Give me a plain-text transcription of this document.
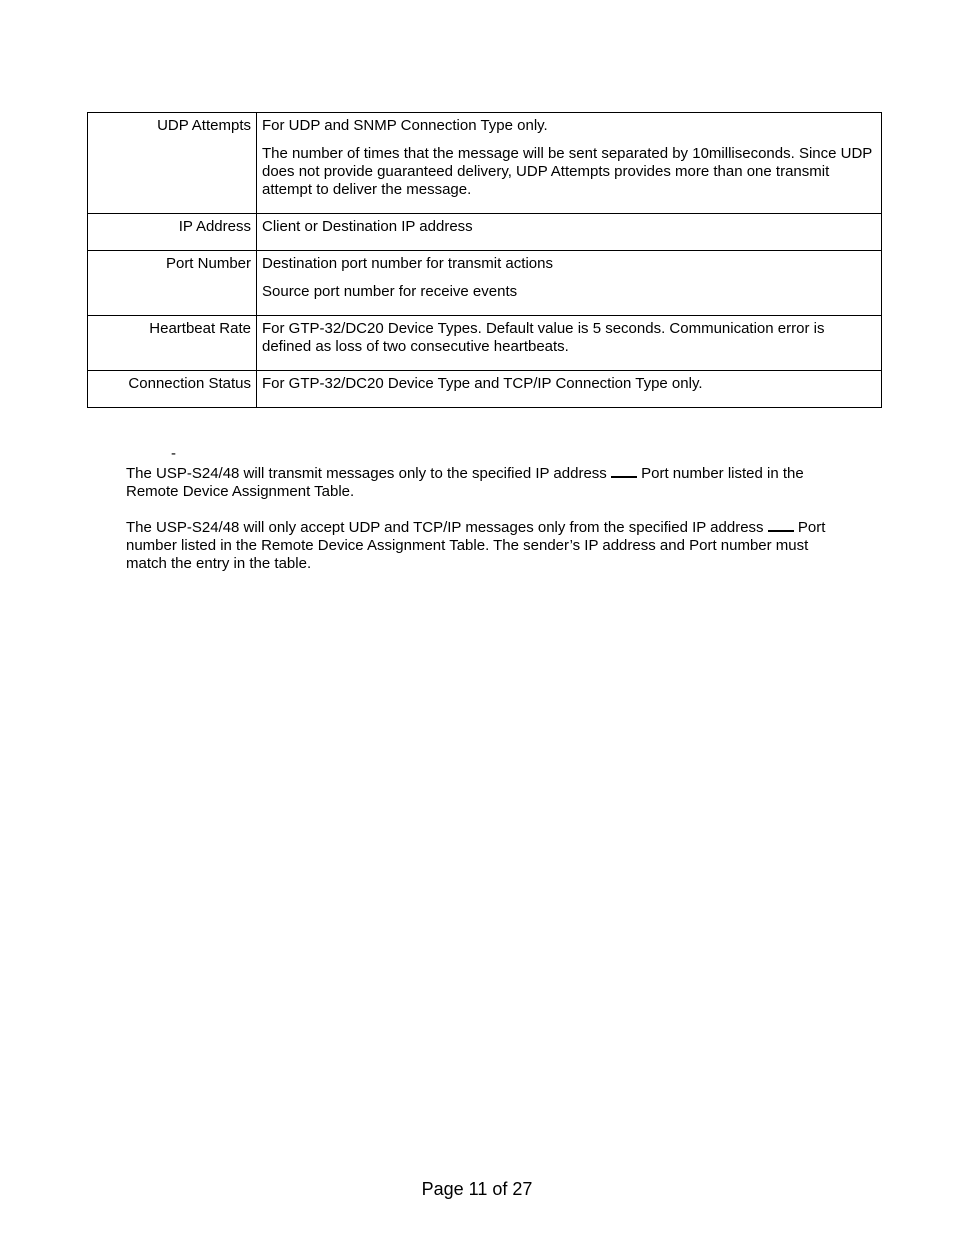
UDP Attempts	For UDP and SNMP Connection Type only.

The number of times that the message will be sent separated by 10milliseconds. Since UDP does not provide guaranteed delivery, UDP Attempts provides more than one transmit attempt to deliver the message.

IP Address	Client or Destination IP address

Port Number	Destination port number for transmit actions

Source port number for receive events

Heartbeat Rate	For GTP-32/DC20 Device Types. Default value is 5 seconds. Communication error is defined as loss of two consecutive heartbeats.

Connection Status	For GTP-32/DC20 Device Type and TCP/IP Connection Type only.

-

The USP-S24/48 will transmit messages only to the specified IP address  Port number listed in the Remote Device Assignment Table.

The USP-S24/48 will only accept UDP and TCP/IP messages only from the specified IP address  Port number listed in the Remote Device Assignment Table. The sender’s IP address and Port number must match the entry in the table.

Page 11 of 27
